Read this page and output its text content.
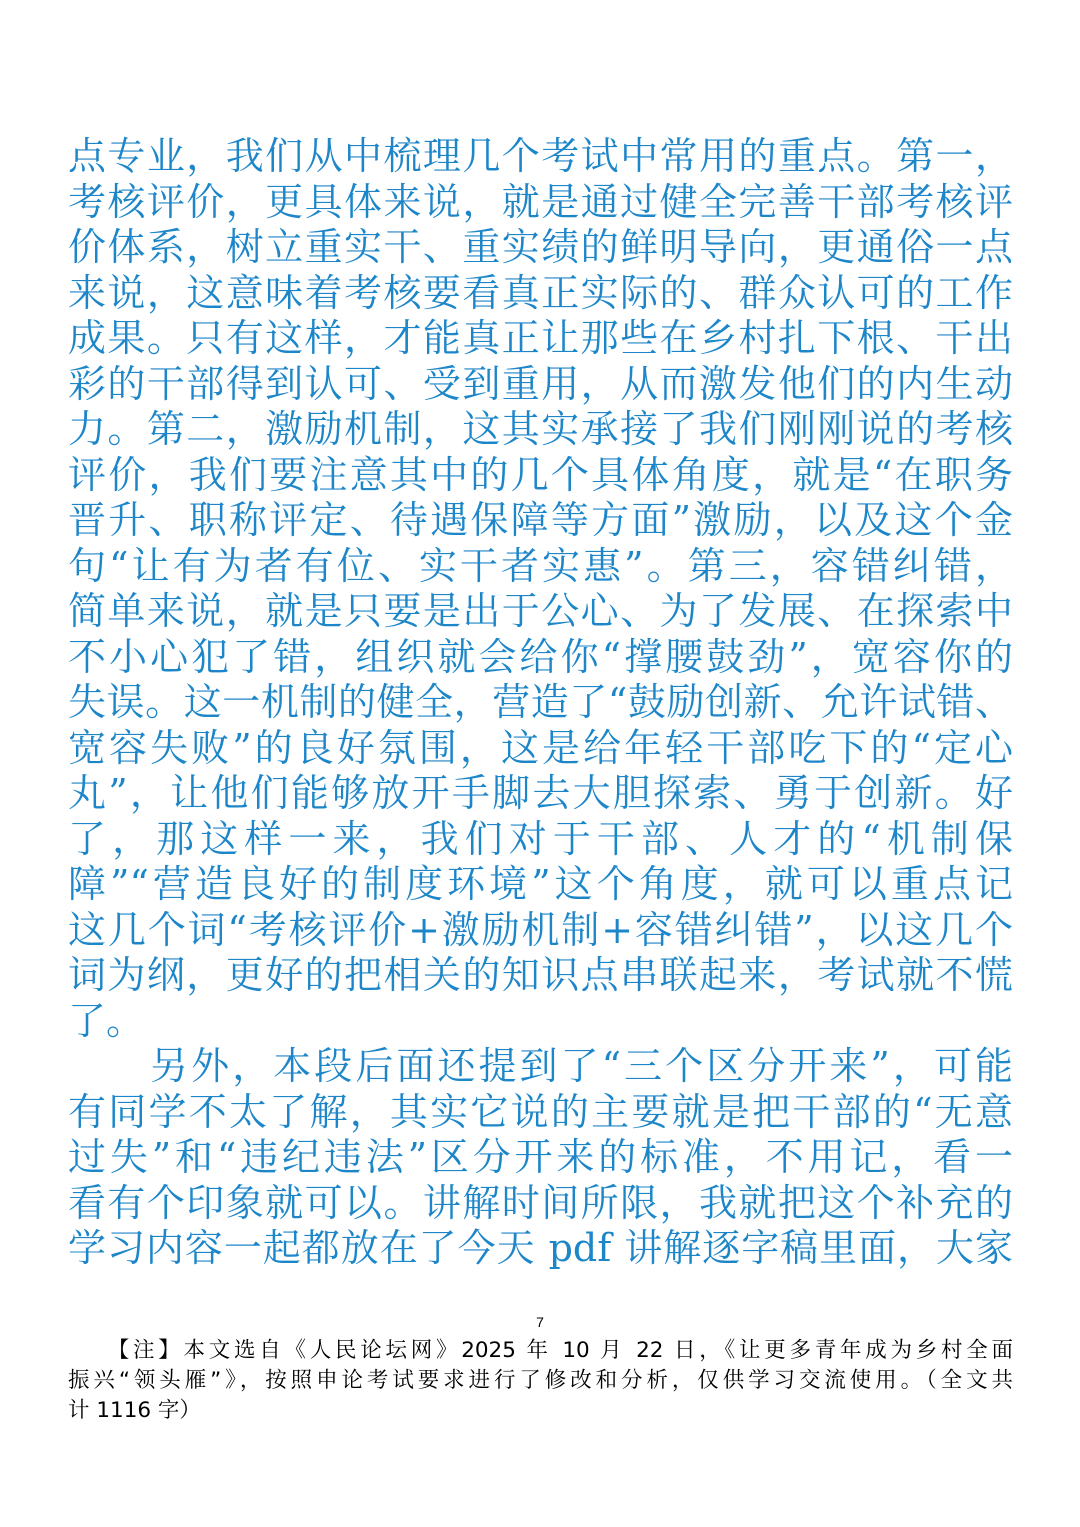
点专业，我们从中梳理几个考试中常用的重点。第一，
考核评价，更具体来说，就是通过健全完善干部考核评
价体系，树立重实干、重实绩的鲜明导向，更通俗一点
来说，这意味着考核要看真正实际的、群众认可的工作
成果。只有这样，才能真正让那些在乡村扎下根、干出
彩的干部得到认可、受到重用，从而激发他们的内生动
力。第二，激励机制，这其实承接了我们刚刚说的考核
评价，我们要注意其中的几个具体角度，就是“在职务
晋升、职称评定、待遇保障等方面”激励，以及这个金
句“让有为者有位、实干者实惠”。第三，容错纠错，
简单来说，就是只要是出于公心、为了发展、在探索中
不小心犯了错，组织就会给你“撑腰鼓劲”，宽容你的
失误。这一机制的健全，营造了“鼓励创新、允许试错、
宽容失败”的良好氛围，这是给年轻干部吃下的“定心
丸”，让他们能够放开手脚去大胆探索、勇于创新。好
了，那这样一来，我们对于干部、人才的“机制保
障”“营造良好的制度环境”这个角度，就可以重点记
这几个词“考核评价+激励机制+容错纠错”，以这几个
词为纲，更好的把相关的知识点串联起来，考试就不慌
了。
　　另外，本段后面还提到了“三个区分开来”，可能
有同学不太了解，其实它说的主要就是把干部的“无意
过失”和“违纪违法”区分开来的标准，不用记，看一
看有个印象就可以。讲解时间所限，我就把这个补充的
学习内容一起都放在了今天 pdf 讲解逐字稿里面，大家
7
　　【注】本文选自《人民论坛网》2025 年 10 月 22 日，《让更多青年成为乡村全面
振兴“领头雁”》，按照申论考试要求进行了修改和分析，仅供学习交流使用。（全文共
计 1116 字）
